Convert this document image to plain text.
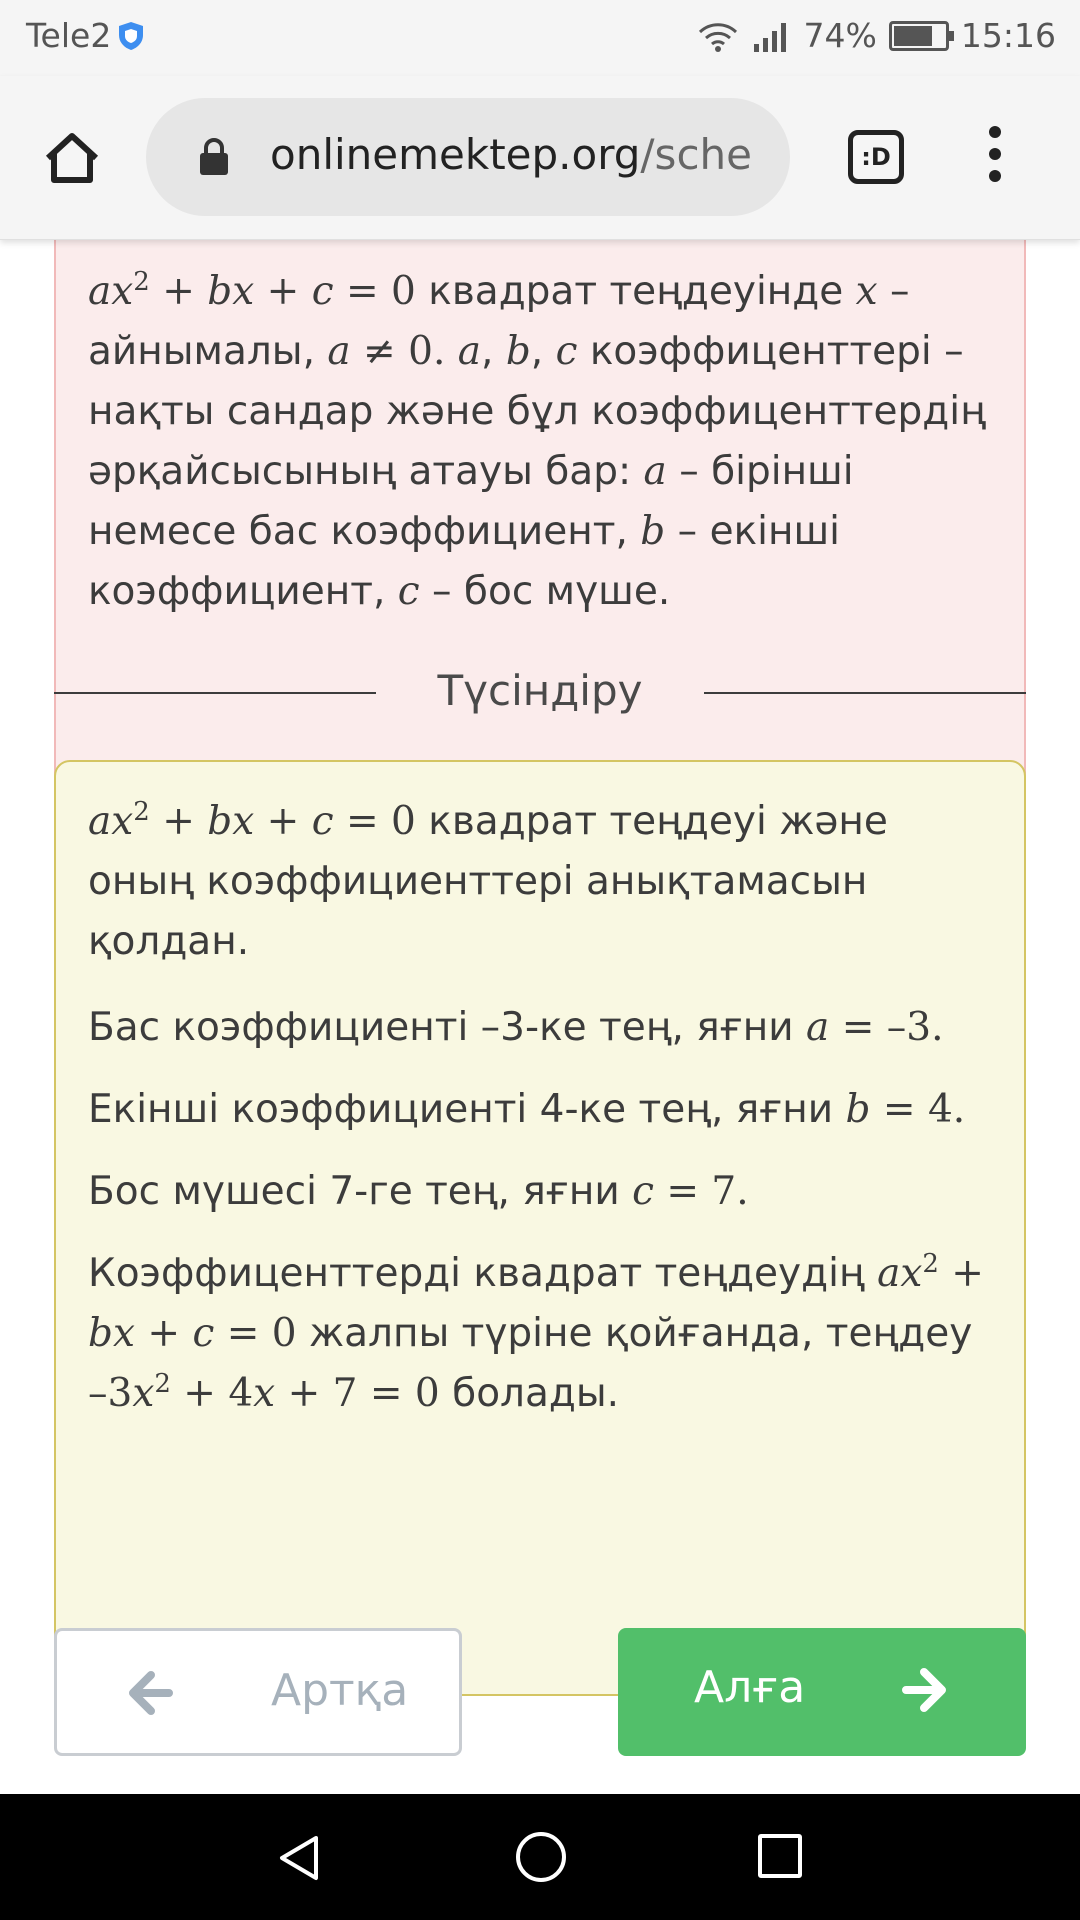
Tele2	74%	15:16
onlinemektep.org/sche	:D

$ax^2$ + bx + c = 0 квадрат теңдеуінде x –

айнымалы, a ≠ 0. a, b, c коэффиценттері –

нақты сандар және бұл коэффиценттердің

әрқайсысының атауы бар: a – бірінші

немесе бас коэффициент, b – екінші

коэффициент, c – бос мүше.

Түсіндіру

$ax^2$ + bx + c = 0 квадрат теңдеуі және оның коэффициенттері анықтамасын қолдан.

Бас коэффициенті –3-ке тең, яғни a = –3.

Екінші коэффициенті 4-ке тең, яғни b = 4.

Бос мүшесі 7-ге тең, яғни c = 7.

Коэффиценттерді квадрат теңдеудің $ax^2$ + bx + c = 0 жалпы түріне қойғанда, теңдеу $-3x^2 + 4x + 7 = 0$ болады.

Артқа	Алға
